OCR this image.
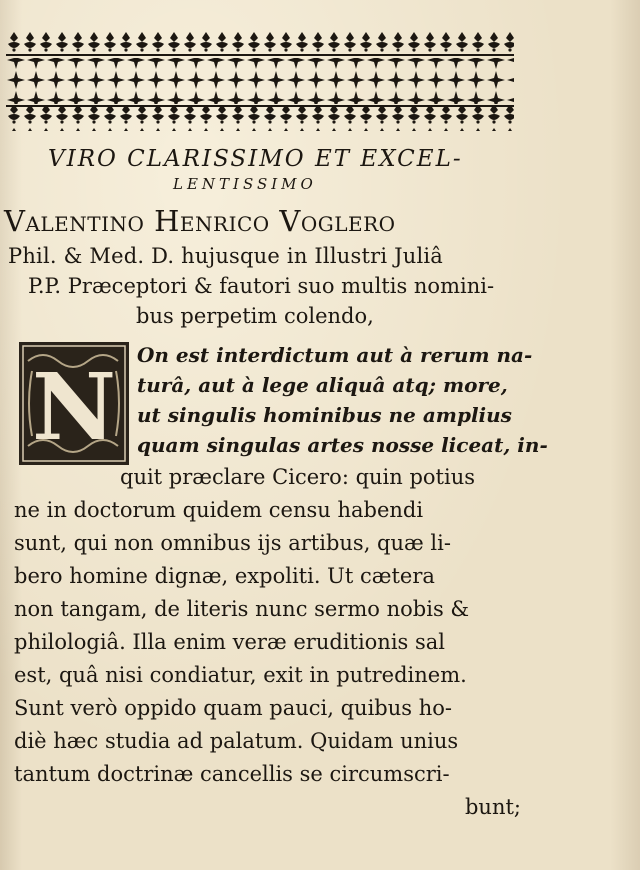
VIRO CLARISSIMO ET EXCEL-
LENTISSIMO
Valentino Henrico Voglero
Phil. & Med. D. hujusque in Illustri Juliâ
P.P. Præceptori & fautori suo multis nomini-
bus perpetim colendo,
N On est interdictum aut à rerum na-
turâ, aut à lege aliquâ atq; more,
ut singulis hominibus ne amplius
quam singulas artes nosse liceat, in-
quit præclare Cicero: quin potius
ne in doctorum quidem censu habendi
sunt, qui non omnibus ijs artibus, quæ li-
bero homine dignæ, expoliti. Ut cætera
non tangam, de literis nunc sermo nobis &
philologiâ. Illa enim veræ eruditionis sal
est, quâ nisi condiatur, exit in putredinem.
Sunt verò oppido quam pauci, quibus ho-
diè hæc studia ad palatum. Quidam unius
tantum doctrinæ cancellis se circumscri-
bunt;
